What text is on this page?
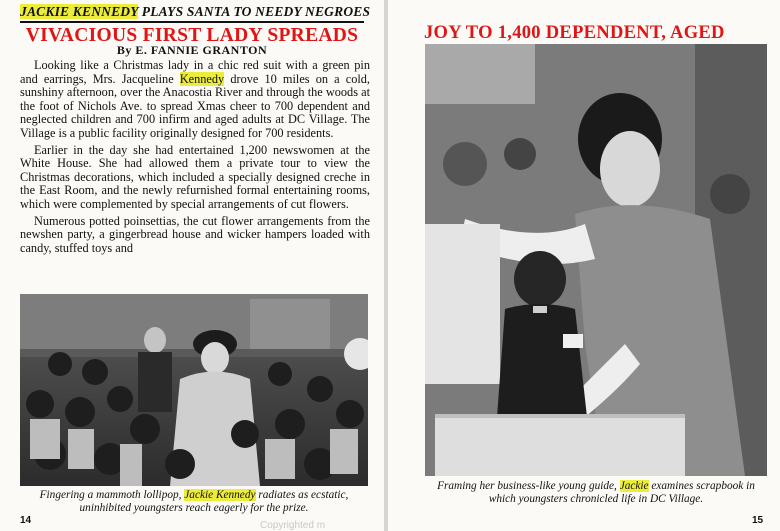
JACKIE KENNEDY PLAYS SANTA TO NEEDY NEGROES
VIVACIOUS FIRST LADY SPREADS
By E. FANNIE GRANTON

Looking like a Christmas lady in a chic red suit with a green pin and earrings, Mrs. Jacqueline Kennedy drove 10 miles on a cold, sunshiny afternoon, over the Anacostia River and through the woods at the foot of Nichols Ave. to spread Xmas cheer to 700 dependent and neglected children and 700 infirm and aged adults at DC Village. The Village is a public facility originally designed for 700 residents.

Earlier in the day she had entertained 1,200 newswomen at the White House. She had allowed them a private tour to view the Christmas decorations, which included a specially designed creche in the East Room, and the newly refurnished formal entertaining rooms, which were complemented by special arrangements of cut flowers.

Numerous potted poinsettias, the cut flower arrangements from the newshen party, a gingerbread house and wicker hampers loaded with candy, stuffed toys and

Fingering a mammoth lollipop, Jackie Kennedy radiates as ecstatic, uninhibited youngsters reach eagerly for the prize.
14
JOY TO 1,400 DEPENDENT, AGED
Framing her business-like young guide, Jackie examines scrapbook in which youngsters chronicled life in DC Village.
15
Copyrighted m
